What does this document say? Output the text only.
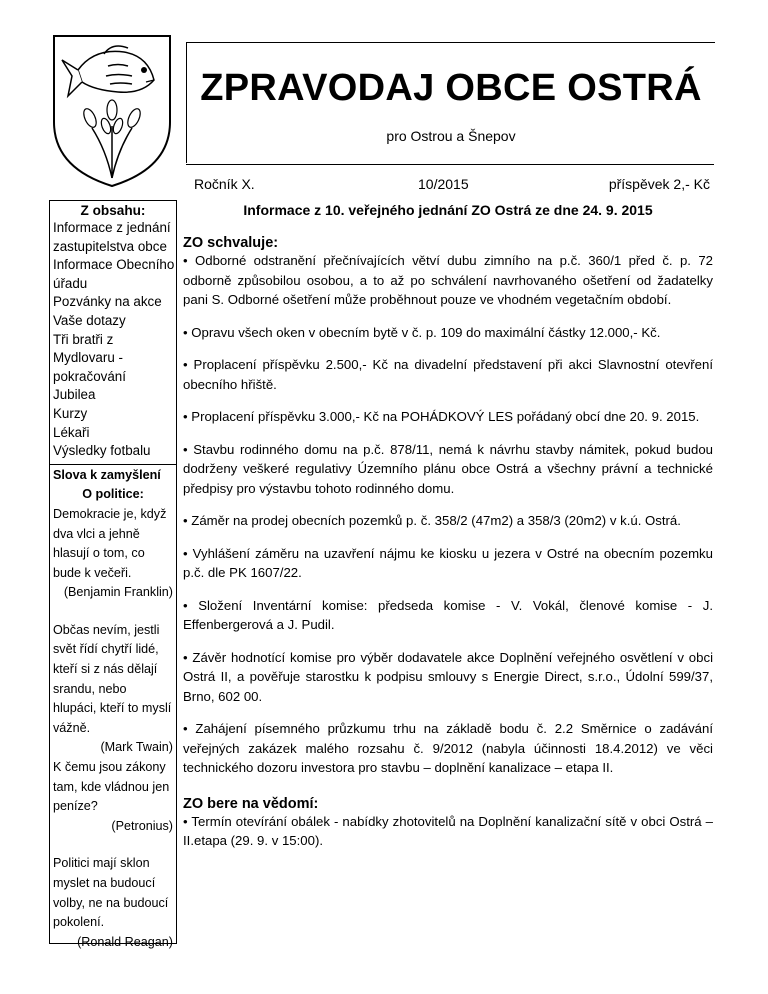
ZPRAVODAJ OBCE OSTRÁ
pro Ostrou a Šnepov
Ročník X.	10/2015	příspěvek 2,- Kč
Z obsahu:
Informace z jednání zastupitelstva obce
Informace Obecního úřadu
Pozvánky na akce
Vaše dotazy
Tři bratři z Mydlovaru - pokračování
Jubilea
Kurzy
Lékaři
Výsledky fotbalu

Slova k zamyšlení

O politice:

Demokracie je, když dva vlci a jehně hlasují o tom, co bude k večeři.

(Benjamin Franklin)

Občas nevím, jestli svět řídí chytří lidé, kteří si z nás dělají srandu, nebo hlupáci, kteří to myslí vážně.

(Mark Twain)

K čemu jsou zákony tam, kde vládnou jen peníze?

(Petronius)

Politici mají sklon myslet na budoucí volby, ne na budoucí pokolení.

(Ronald Reagan)

Informace z 10. veřejného jednání ZO Ostrá ze dne 24. 9. 2015

ZO schvaluje:

• Odborné odstranění přečnívajících větví dubu zimního na p.č. 360/1 před č. p. 72 odborně způsobilou osobou, a to až po schválení navrhovaného ošetření od žadatelky pani S. Odborné ošetření může proběhnout pouze ve vhodném vegetačním období.

• Opravu všech oken v obecním bytě v č. p. 109 do maximální částky 12.000,- Kč.

• Proplacení příspěvku 2.500,- Kč na divadelní představení při akci Slavnostní otevření obecního hřiště.

• Proplacení příspěvku 3.000,- Kč na POHÁDKOVÝ LES pořádaný obcí dne 20. 9. 2015.

• Stavbu rodinného domu na p.č. 878/11, nemá k návrhu stavby námitek, pokud budou dodrženy veškeré regulativy Územního plánu obce Ostrá a všechny právní a technické předpisy pro výstavbu tohoto rodinného domu.

• Záměr na prodej obecních pozemků p. č. 358/2 (47m2) a 358/3 (20m2) v k.ú. Ostrá.

• Vyhlášení záměru na uzavření nájmu ke kiosku u jezera v Ostré na obecním pozemku p.č. dle PK 1607/22.

• Složení Inventární komise: předseda komise - V. Vokál, členové komise - J. Effenbergerová a J. Pudil.

• Závěr hodnotící komise pro výběr dodavatele akce Doplnění veřejného osvětlení v obci Ostrá II, a pověřuje starostku k podpisu smlouvy s Energie Direct, s.r.o., Údolní 599/37, Brno, 602 00.

• Zahájení písemného průzkumu trhu na základě bodu č. 2.2 Směrnice o zadávání veřejných zakázek malého rozsahu č. 9/2012 (nabyla účinnosti 18.4.2012) ve věci technického dozoru investora pro stavbu – doplnění kanalizace – etapa II.

ZO bere na vědomí:

• Termín otevírání obálek - nabídky zhotovitelů na Doplnění kanalizační sítě v obci Ostrá – II.etapa (29. 9. v 15:00).
